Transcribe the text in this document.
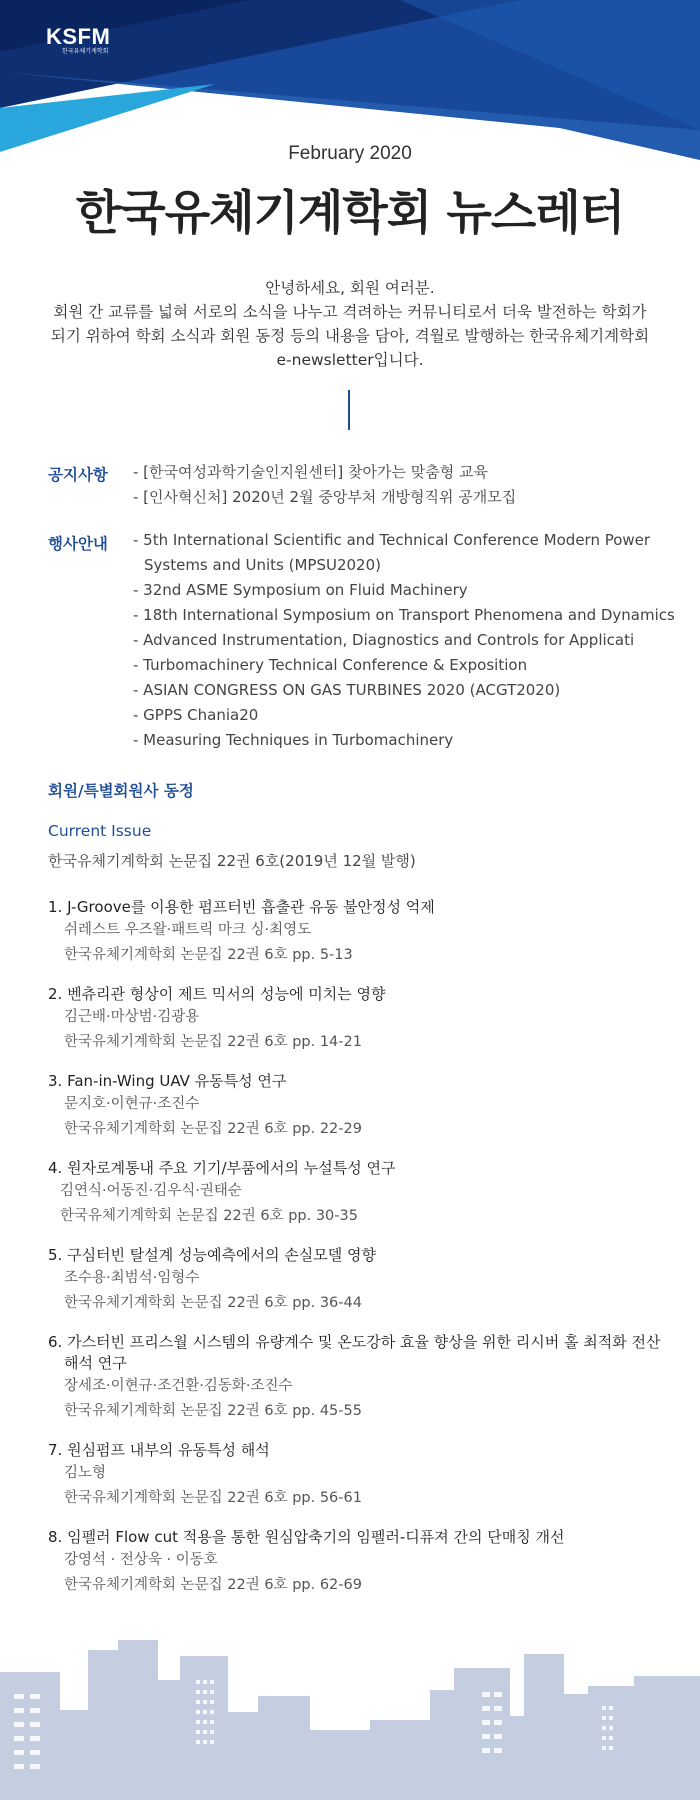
KSFM
한국유체기계학회
February 2020
한국유체기계학회 뉴스레터
안녕하세요, 회원 여러분.
회원 간 교류를 넓혀 서로의 소식을 나누고 격려하는 커뮤니티로서 더욱 발전하는 학회가
되기 위하여 학회 소식과 회원 동정 등의 내용을 담아, 격월로 발행하는 한국유체기계학회
e-newsletter입니다.
공지사항 - [한국여성과학기술인지원센터] 찾아가는 맞춤형 교육
- [인사혁신처] 2020년 2월 중앙부처 개방형직위 공개모집
행사안내 - 5th International Scientific and Technical Conference Modern Power Systems and Units (MPSU2020)
- 32nd ASME Symposium on Fluid Machinery
- 18th International Symposium on Transport Phenomena and Dynamics
- Advanced Instrumentation, Diagnostics and Controls for Applicati
- Turbomachinery Technical Conference & Exposition
- ASIAN CONGRESS ON GAS TURBINES 2020 (ACGT2020)
- GPPS Chania20
- Measuring Techniques in Turbomachinery
회원/특별회원사 동정
Current Issue
한국유체기계학회 논문집 22권 6호(2019년 12월 발행)
1. J-Groove를 이용한 펌프터빈 흡출관 유동 불안정성 억제
쉬레스트 우즈왈·패트릭 마크 싱·최영도
한국유체기계학회 논문집 22권 6호 pp. 5-13
2. 벤츄리관 형상이 제트 믹서의 성능에 미치는 영향
김근배·마상범·김광용
한국유체기계학회 논문집 22권 6호 pp. 14-21
3. Fan-in-Wing UAV 유동특성 연구
문지호·이현규·조진수
한국유체기계학회 논문집 22권 6호 pp. 22-29
4. 원자로계통내 주요 기기/부품에서의 누설특성 연구
김연식·어동진·김우식·권태순
한국유체기계학회 논문집 22권 6호 pp. 30-35
5. 구심터빈 탈설계 성능예측에서의 손실모델 영향
조수용·최범석·임형수
한국유체기계학회 논문집 22권 6호 pp. 36-44
6. 가스터빈 프리스월 시스템의 유량계수 및 온도강하 효율 향상을 위한 리시버 홀 최적화 전산해석 연구
장세조·이현규·조건환·김동화·조진수
한국유체기계학회 논문집 22권 6호 pp. 45-55
7. 원심펌프 내부의 유동특성 해석
김노형
한국유체기계학회 논문집 22권 6호 pp. 56-61
8. 임펠러 Flow cut 적용을 통한 원심압축기의 임펠러-디퓨져 간의 단매칭 개선
강영석 · 전상욱 · 이동호
한국유체기계학회 논문집 22권 6호 pp. 62-69
